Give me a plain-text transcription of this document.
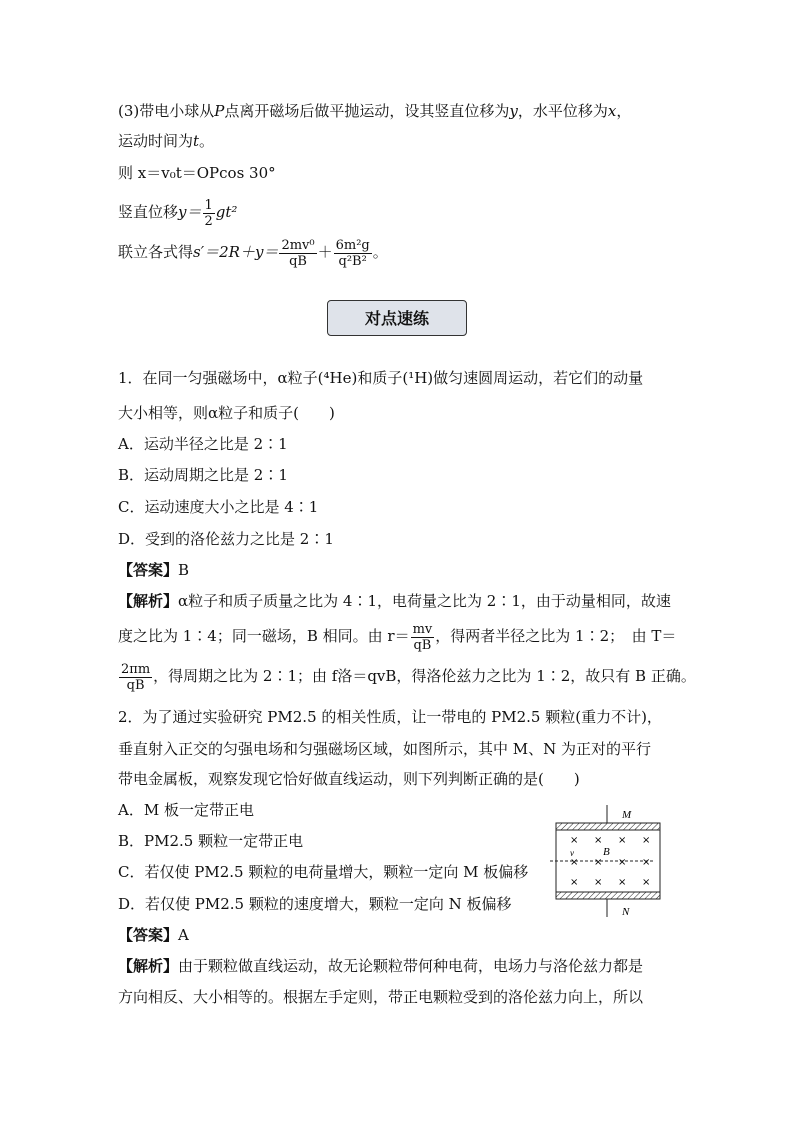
(3)带电小球从P点离开磁场后做平抛运动，设其竖直位移为y，水平位移为x，
运动时间为t。
则 x＝v₀t＝OPcos 30°
竖直位移$y= \frac{1}{2} gt^2$
联立各式得$s'=2R+y= \frac{\text{2mv⁰}}{qB} + \frac{\text{6m²g}}{\text{q²B²}}$ 。
对点速练
1．在同一匀强磁场中，α粒子(⁴He)和质子(¹H)做匀速圆周运动，若它们的动量
大小相等，则α粒子和质子(　　)
A．运动半径之比是 2∶1
B．运动周期之比是 2∶1
C．运动速度大小之比是 4∶1
D．受到的洛伦兹力之比是 2∶1
【答案】B
【解析】α粒子和质子质量之比为 4∶1，电荷量之比为 2∶1，由于动量相同，故速
度之比为 1∶4；同一磁场，B 相同。由 $r= \frac{mv}{qB}$ ，得两者半径之比为 1∶2；　由 T＝
$\frac{2\pi m}{qB}$ ，得周期之比为 2∶1；由 f洛＝qvB，得洛伦兹力之比为 1∶2，故只有 B 正确。
2．为了通过实验研究 PM2.5 的相关性质，让一带电的 PM2.5 颗粒(重力不计)，
垂直射入正交的匀强电场和匀强磁场区域，如图所示，其中 M、N 为正对的平行
带电金属板，观察发现它恰好做直线运动，则下列判断正确的是(　　)
A．M 板一定带正电
B．PM2.5 颗粒一定带正电
C．若仅使 PM2.5 颗粒的电荷量增大，颗粒一定向 M 板偏移
D．若仅使 PM2.5 颗粒的速度增大，颗粒一定向 N 板偏移
【答案】A
【解析】由于颗粒做直线运动，故无论颗粒带何种电荷，电场力与洛伦兹力都是
方向相反、大小相等的。根据左手定则，带正电颗粒受到的洛伦兹力向上，所以
M
N
B
v
× × × ×
× × × ×
× × × ×
